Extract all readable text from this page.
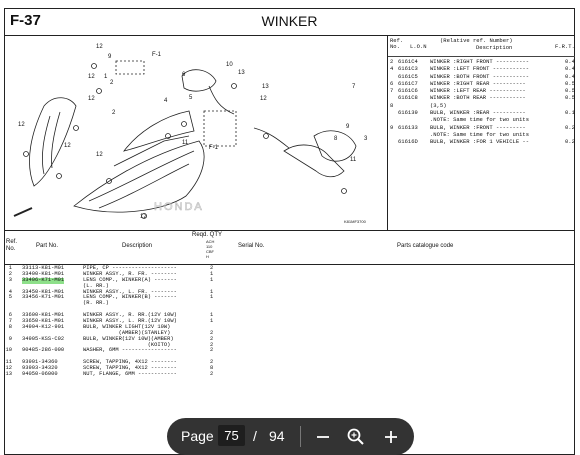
F-37	WINKER
12
9
12 1
2
12	4	5
12
12
12
11
6
10
13
13
12
7
8	3
9
11
12
2
F-1
F-1
K81MF3700
HONDA
Ref.
No.	L.O.N
(Relative ref. Number)
Description	F.R.T.
2 6161C4 WINKER :RIGHT FRONT ----------	0.4
4 6161C3 WINKER :LEFT FRONT -----------	0.4
6161C5 WINKER :BOTH FRONT -----------	0.4
6 6161C7 WINKER :RIGHT REAR ----------	0.5
7 6161C6 WINKER :LEFT REAR -----------	0.5
6161C8 WINKER :BOTH REAR -----------	0.5
8	(3,5)
616139 BULB, WINKER :REAR ----------	0.1
.NOTE: Same time for two units
9 616133 BULB, WINKER :FRONT ---------	0.2
.NOTE: Same time for two units
61616D BULB, WINKER :FOR 1 VEHICLE --	0.2
Ref.
No.
Part No.	Description
Reqd. QTY
ACH
110
CBF
H
Serial No.	Parts catalogue code
1 33113-K81-M01	PIPE, CP --------------------	2
2 33400-K81-M01	WINKER ASSY., R. FR. --------	1
3 33406-K71-M01	LENS COMP., WINKER(A) -------	1
(L. RR.)
4 33450-K81-M01	WINKER ASSY., L. FR. --------	1
5 33456-K71-M01	LENS COMP., WINKER(B) -------	1
(R. RR.)
6 33600-K81-M01	WINKER ASSY., R. RR.(12V 10W)	1
7 33650-K81-M01	WINKER ASSY., L. RR.(12V 10W)	1
8 34904-K12-901	BULB, WINKER LIGHT(12V 10W)
(AMBER)(STANLEY)	2
9 34905-KSS-C02	BULB, WINKER(12V 10W)(AMBER)	2
(KOITO)	2
10 90485-286-000	WASHER, 6MM -----------------	2
11 93901-34360	SCREW, TAPPING, 4X12 --------	2
12 93903-34320	SCREW, TAPPING, 4X12 --------	8
13 94050-06000	NUT, FLANGE, 6MM ------------	2
Page 75	/ 94
